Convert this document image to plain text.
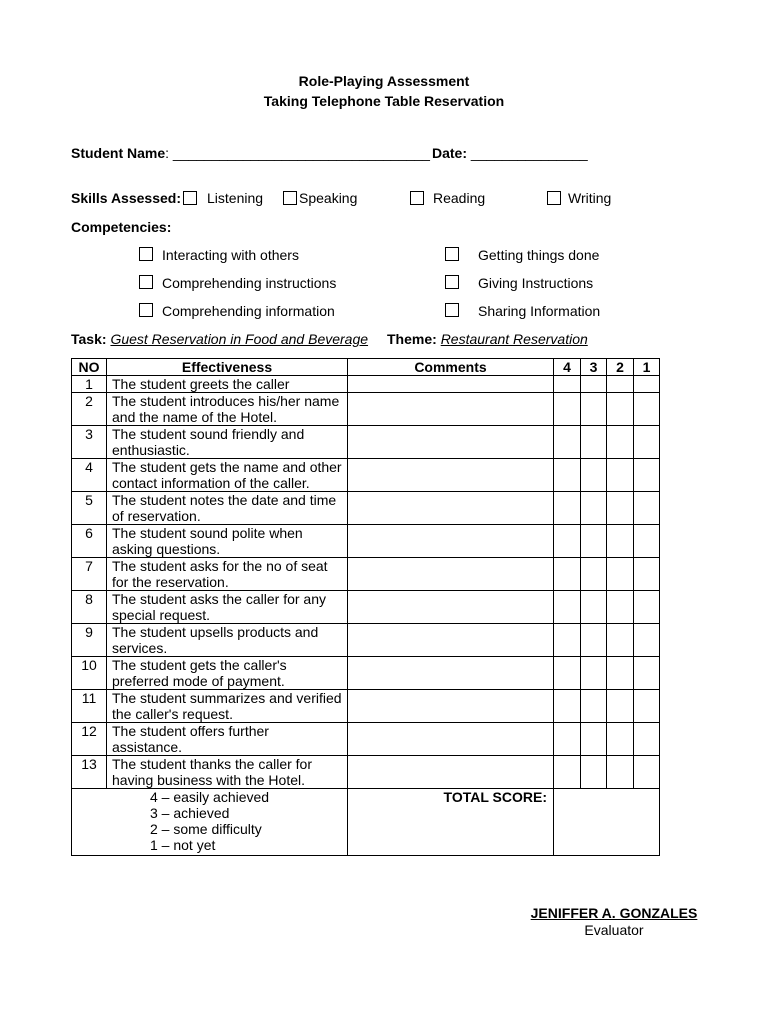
Role-Playing Assessment
Taking Telephone Table Reservation
Student Name: _________________________________ Date: _______________
Skills Assessed: Listening	Speaking	Reading	Writing
Competencies:
Interacting with others
Comprehending instructions
Comprehending information
Getting things done
Giving Instructions
Sharing Information
Task: Guest Reservation in Food and Beverage Theme: Restaurant Reservation
NO	Effectiveness	Comments	4	3	2	1
1	The student greets the caller					

2	The student introduces his/her name
and the name of the Hotel.					

3	The student sound friendly and
enthusiastic.					

4	The student gets the name and other
contact information of the caller.					

5	The student notes the date and time
of reservation.					

6	The student sound polite when
asking questions.					

7	The student asks for the no of seat
for the reservation.					

8	The student asks the caller for any
special request.					

9	The student upsells products and
services.					

10	The student gets the caller's
preferred mode of payment.					

11	The student summarizes and verified
the caller's request.					

12	The student offers further
assistance.					

13	The student thanks the caller for
having business with the Hotel.					

4 – easily achieved
3 – achieved
2 – some difficulty
1 – not yet		TOTAL SCORE:				
JENIFFER A. GONZALES
Evaluator
